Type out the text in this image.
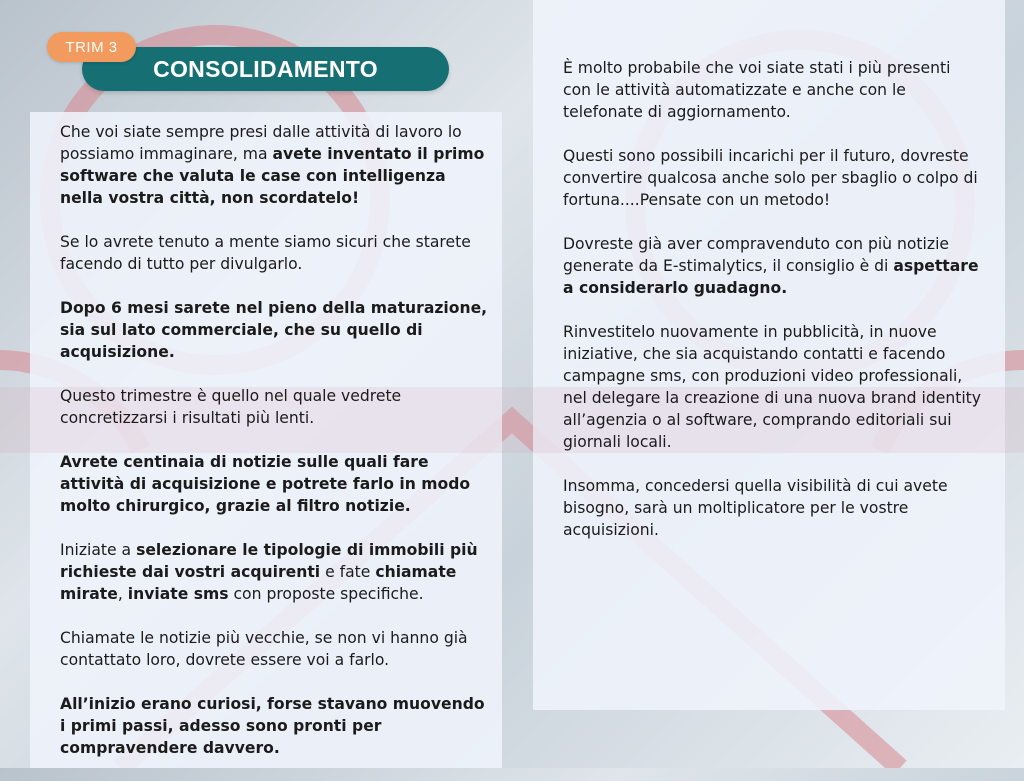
Che voi siate sempre presi dalle attività di lavoro lo possiamo immaginare, ma avete inventato il primo software che valuta le case con intelligenza nella vostra città, non scordatelo!

Se lo avrete tenuto a mente siamo sicuri che starete facendo di tutto per divulgarlo.

Dopo 6 mesi sarete nel pieno della maturazione, sia sul lato commerciale, che su quello di acquisizione.

Questo trimestre è quello nel quale vedrete concretizzarsi i risultati più lenti.

Avrete centinaia di notizie sulle quali fare attività di acquisizione e potrete farlo in modo molto chirurgico, grazie al filtro notizie.

Iniziate a selezionare le tipologie di immobili più richieste dai vostri acquirenti e fate chiamate mirate, inviate sms con proposte specifiche.

Chiamate le notizie più vecchie, se non vi hanno già contattato loro, dovrete essere voi a farlo.

All’inizio erano curiosi, forse stavano muovendo i primi passi, adesso sono pronti per compravendere davvero.

È molto probabile che voi siate stati i più presenti con le attività automatizzate e anche con le telefonate di aggiornamento.

Questi sono possibili incarichi per il futuro, dovreste convertire qualcosa anche solo per sbaglio o colpo di fortuna....Pensate con un metodo!

Dovreste già aver compravenduto con più notizie generate da E-stimalytics, il consiglio è di aspettare a considerarlo guadagno.

Rinvestitelo nuovamente in pubblicità, in nuove iniziative, che sia acquistando contatti e facendo campagne sms, con produzioni video professionali, nel delegare la creazione di una nuova brand identity all’agenzia o al software, comprando editoriali sui giornali locali.

Insomma, concedersi quella visibilità di cui avete bisogno, sarà un moltiplicatore per le vostre acquisizioni.

CONSOLIDAMENTO
TRIM 3
